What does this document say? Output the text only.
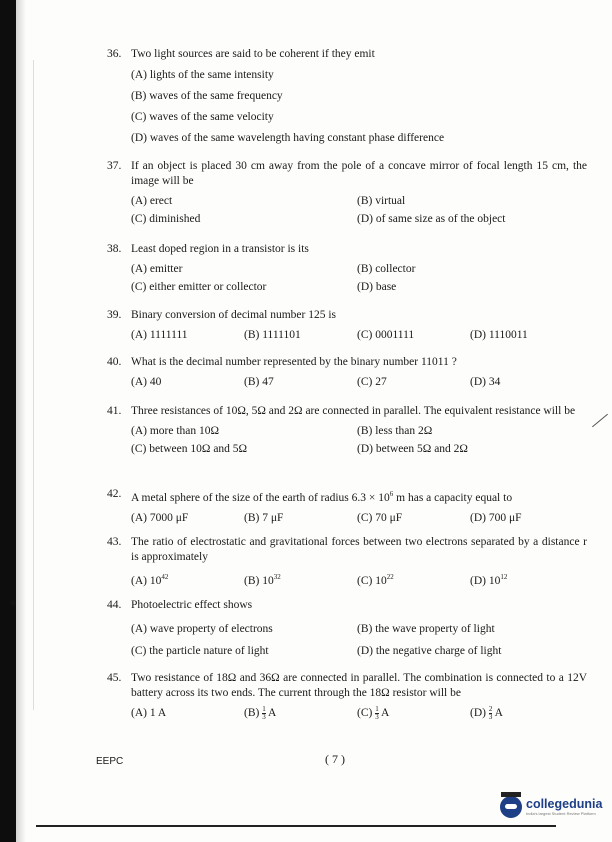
36. Two light sources are said to be coherent if they emit
(A) lights of the same intensity
(B) waves of the same frequency
(C) waves of the same velocity
(D) waves of the same wavelength having constant phase difference
37. If an object is placed 30 cm away from the pole of a concave mirror of focal length 15 cm, the image will be
(A) erect	(B) virtual
(C) diminished	(D) of same size as of the object
38. Least doped region in a transistor is its
(A) emitter	(B) collector
(C) either emitter or collector	(D) base
39. Binary conversion of decimal number 125 is
(A) 1111111	(B) 1111101	(C) 0001111	(D) 1110011
40. What is the decimal number represented by the binary number 11011 ?
(A) 40	(B) 47	(C) 27	(D) 34
41. Three resistances of 10Ω, 5Ω and 2Ω are connected in parallel. The equivalent resistance will be
(A) more than 10Ω	(B) less than 2Ω
(C) between 10Ω and 5Ω	(D) between 5Ω and 2Ω
42. A metal sphere of the size of the earth of radius $6.3 \times 10^6$ m has a capacity equal to
(A) 7000 μF	(B) 7 μF	(C) 70 μF	(D) 700 μF
43. The ratio of electrostatic and gravitational forces between two electrons separated by a distance r is approximately
(A) $10^{42}$	(B) $10^{32}$	(C) $10^{22}$	(D) $10^{12}$
44. Photoelectric effect shows
(A) wave property of electrons	(B) the wave property of light
(C) the particle nature of light	(D) the negative charge of light
45. Two resistance of 18Ω and 36Ω are connected in parallel. The combination is connected to a 12V battery across its two ends. The current through the 18Ω resistor will be
(A) 1 A	$(B) \frac{1}{3}$ A	$(C) \frac{1}{3}$ A	$(D) \frac{2}{3}$ A
EEPC	( 7 )
collegedunia
India's largest Student Review Platform
